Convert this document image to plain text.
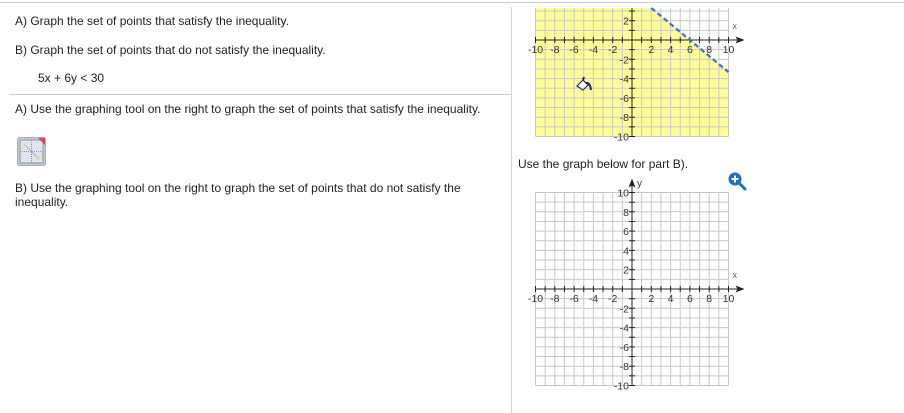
A) Graph the set of points that satisfy the inequality.
B) Graph the set of points that do not satisfy the inequality.
5x + 6y < 30
A) Use the graphing tool on the right to graph the set of points that satisfy the inequality.
B) Use the graphing tool on the right to graph the set of points that do not satisfy the inequality.
x
-10 -8 -6 -4 -2	2 4 6 8 10
2
-2
-4
-6
-8
-10
Use the graph below for part B).
y
x
-10 -8 -6 -4 -2	2 4 6 8 10
10
8
6
4
2
-2
-4
-6
-8
-10
